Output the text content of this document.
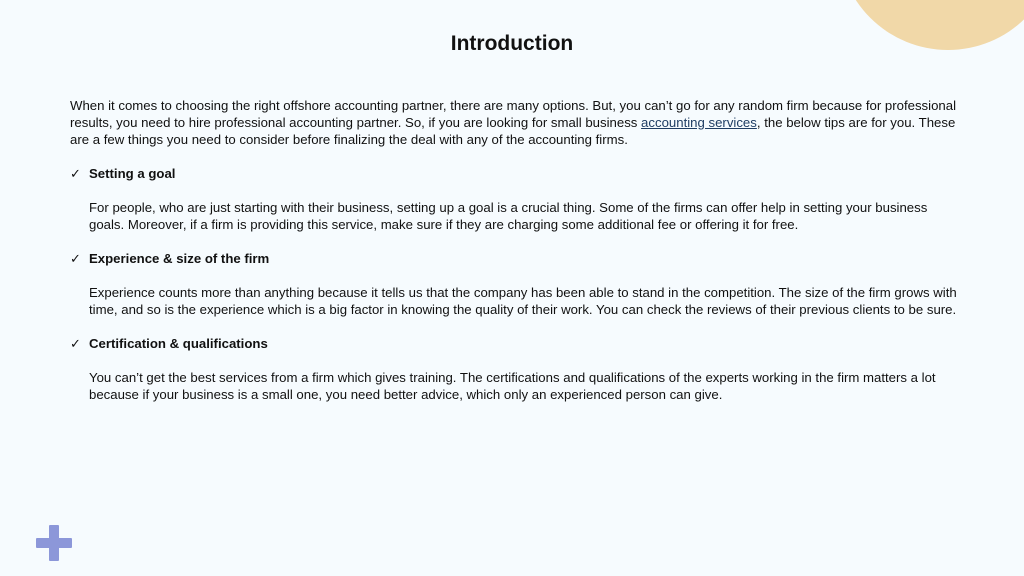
Introduction

When it comes to choosing the right offshore accounting partner, there are many options. But, you can’t go for any random firm because for professional results, you need to hire professional accounting partner. So, if you are looking for small business accounting services, the below tips are for you. These are a few things you need to consider before finalizing the deal with any of the accounting firms.

✓ Setting a goal

For people, who are just starting with their business, setting up a goal is a crucial thing. Some of the firms can offer help in setting your business goals. Moreover, if a firm is providing this service, make sure if they are charging some additional fee or offering it for free.

✓ Experience & size of the firm

Experience counts more than anything because it tells us that the company has been able to stand in the competition. The size of the firm grows with time, and so is the experience which is a big factor in knowing the quality of their work. You can check the reviews of their previous clients to be sure.

✓ Certification & qualifications

You can’t get the best services from a firm which gives training. The certifications and qualifications of the experts working in the firm matters a lot because if your business is a small one, you need better advice, which only an experienced person can give.
